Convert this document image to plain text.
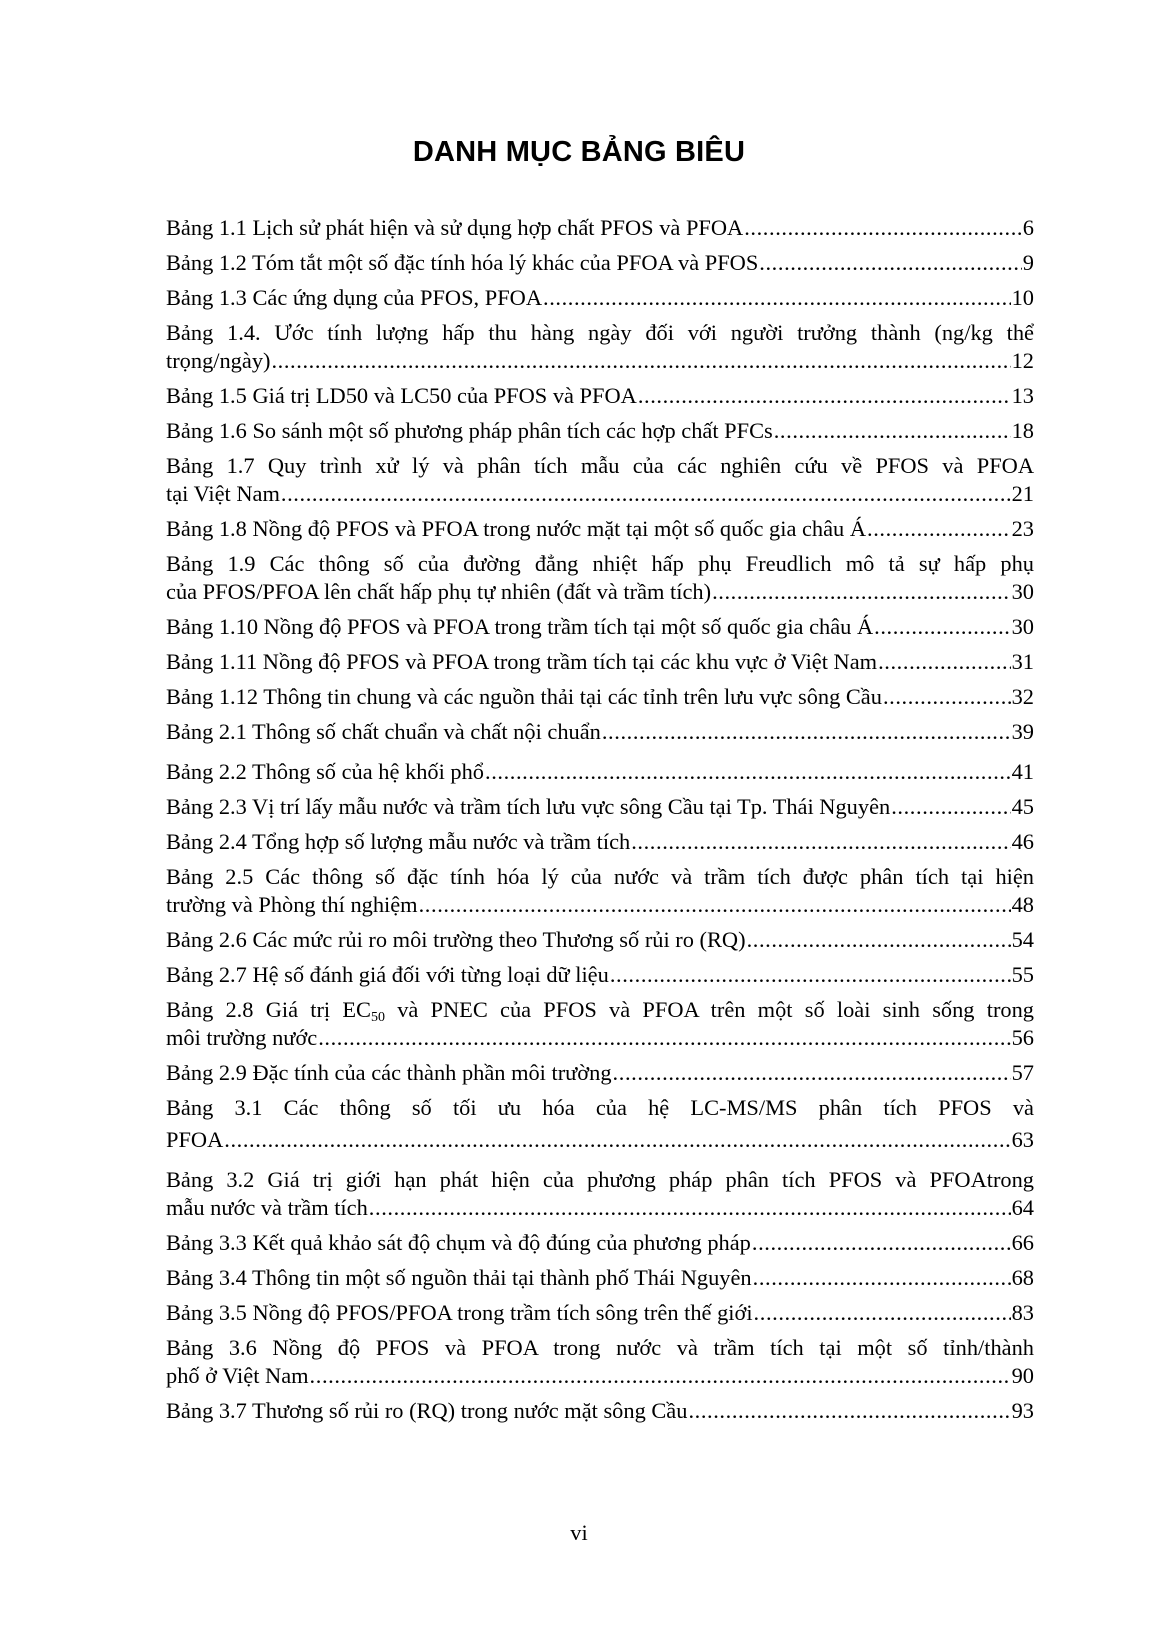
DANH MỤC BẢNG BIÊU
Bảng 1.1 Lịch sử phát hiện và sử dụng hợp chất PFOS và PFOA .....	6
Bảng 1.2 Tóm tắt một số đặc tính hóa lý khác của PFOA và PFOS .....	9
Bảng 1.3 Các ứng dụng của PFOS, PFOA .....	10
Bảng 1.4. Ước tính lượng hấp thu hàng ngày đối với người trưởng thành (ng/kg thể
trọng/ngày) .....	12
Bảng 1.5 Giá trị LD50 và LC50 của PFOS và PFOA .....	13
Bảng 1.6 So sánh một số phương pháp phân tích các hợp chất PFCs .....	18
Bảng 1.7 Quy trình xử lý và phân tích mẫu của các nghiên cứu về PFOS và PFOA
tại Việt Nam .....	21
Bảng 1.8 Nồng độ PFOS và PFOA trong nước mặt tại một số quốc gia châu Á .....	23
Bảng 1.9 Các thông số của đường đẳng nhiệt hấp phụ Freudlich mô tả sự hấp phụ
của PFOS/PFOA lên chất hấp phụ tự nhiên (đất và trầm tích) .....	30
Bảng 1.10 Nồng độ PFOS và PFOA trong trầm tích tại một số quốc gia châu Á .....	30
Bảng 1.11 Nồng độ PFOS và PFOA trong trầm tích tại các khu vực ở Việt Nam .....	31
Bảng 1.12 Thông tin chung và các nguồn thải tại các tỉnh trên lưu vực sông Cầu .....	32
Bảng 2.1 Thông số chất chuẩn và chất nội chuẩn .....	39
Bảng 2.2 Thông số của hệ khối phổ .....	41
Bảng 2.3 Vị trí lấy mẫu nước và trầm tích lưu vực sông Cầu tại Tp. Thái Nguyên .....	45
Bảng 2.4 Tổng hợp số lượng mẫu nước và trầm tích .....	46
Bảng 2.5 Các thông số đặc tính hóa lý của nước và trầm tích được phân tích tại hiện
trường và Phòng thí nghiệm .....	48
Bảng 2.6 Các mức rủi ro môi trường theo Thương số rủi ro (RQ) .....	54
Bảng 2.7 Hệ số đánh giá đối với từng loại dữ liệu .....	55
Bảng 2.8 Giá trị $EC_{50}$ và PNEC của PFOS và PFOA trên một số loài sinh sống trong
môi trường nước .....	56
Bảng 2.9 Đặc tính của các thành phần môi trường .....	57
Bảng 3.1 Các thông số tối ưu hóa của hệ LC-MS/MS phân tích PFOS và
PFOA .....	63
Bảng 3.2 Giá trị giới hạn phát hiện của phương pháp phân tích PFOS và PFOAtrong
mẫu nước và trầm tích .....	64
Bảng 3.3 Kết quả khảo sát độ chụm và độ đúng của phương pháp .....	66
Bảng 3.4 Thông tin một số nguồn thải tại thành phố Thái Nguyên .....	68
Bảng 3.5 Nồng độ PFOS/PFOA trong trầm tích sông trên thế giới .....	83
Bảng 3.6 Nồng độ PFOS và PFOA trong nước và trầm tích tại một số tỉnh/thành
phố ở Việt Nam .....	90
Bảng 3.7 Thương số rủi ro (RQ) trong nước mặt sông Cầu .....	93
vi
